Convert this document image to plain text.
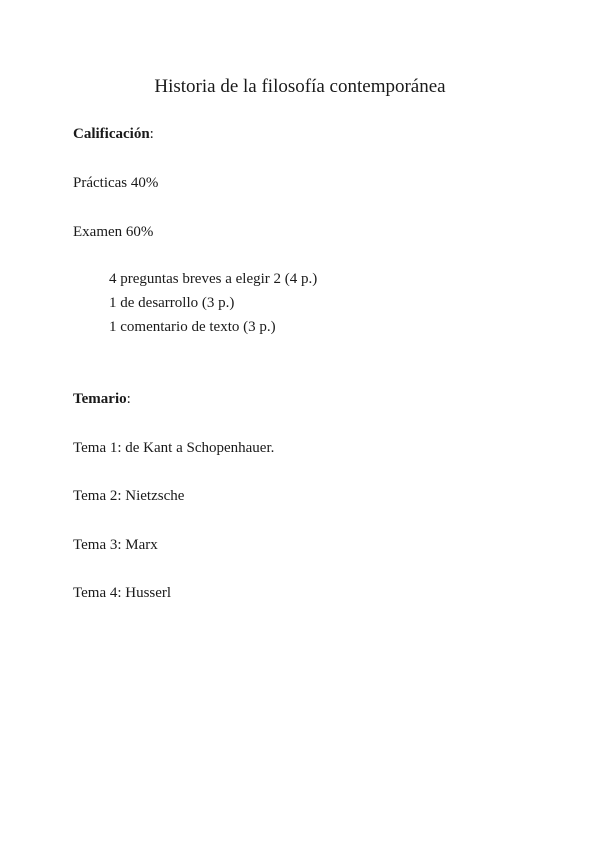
Historia de la filosofía contemporánea
Calificación:
Prácticas 40%
Examen 60%
4 preguntas breves a elegir 2 (4 p.)
1 de desarrollo (3 p.)
1 comentario de texto (3 p.)
Temario:
Tema 1: de Kant a Schopenhauer.
Tema 2: Nietzsche
Tema 3: Marx
Tema 4: Husserl
